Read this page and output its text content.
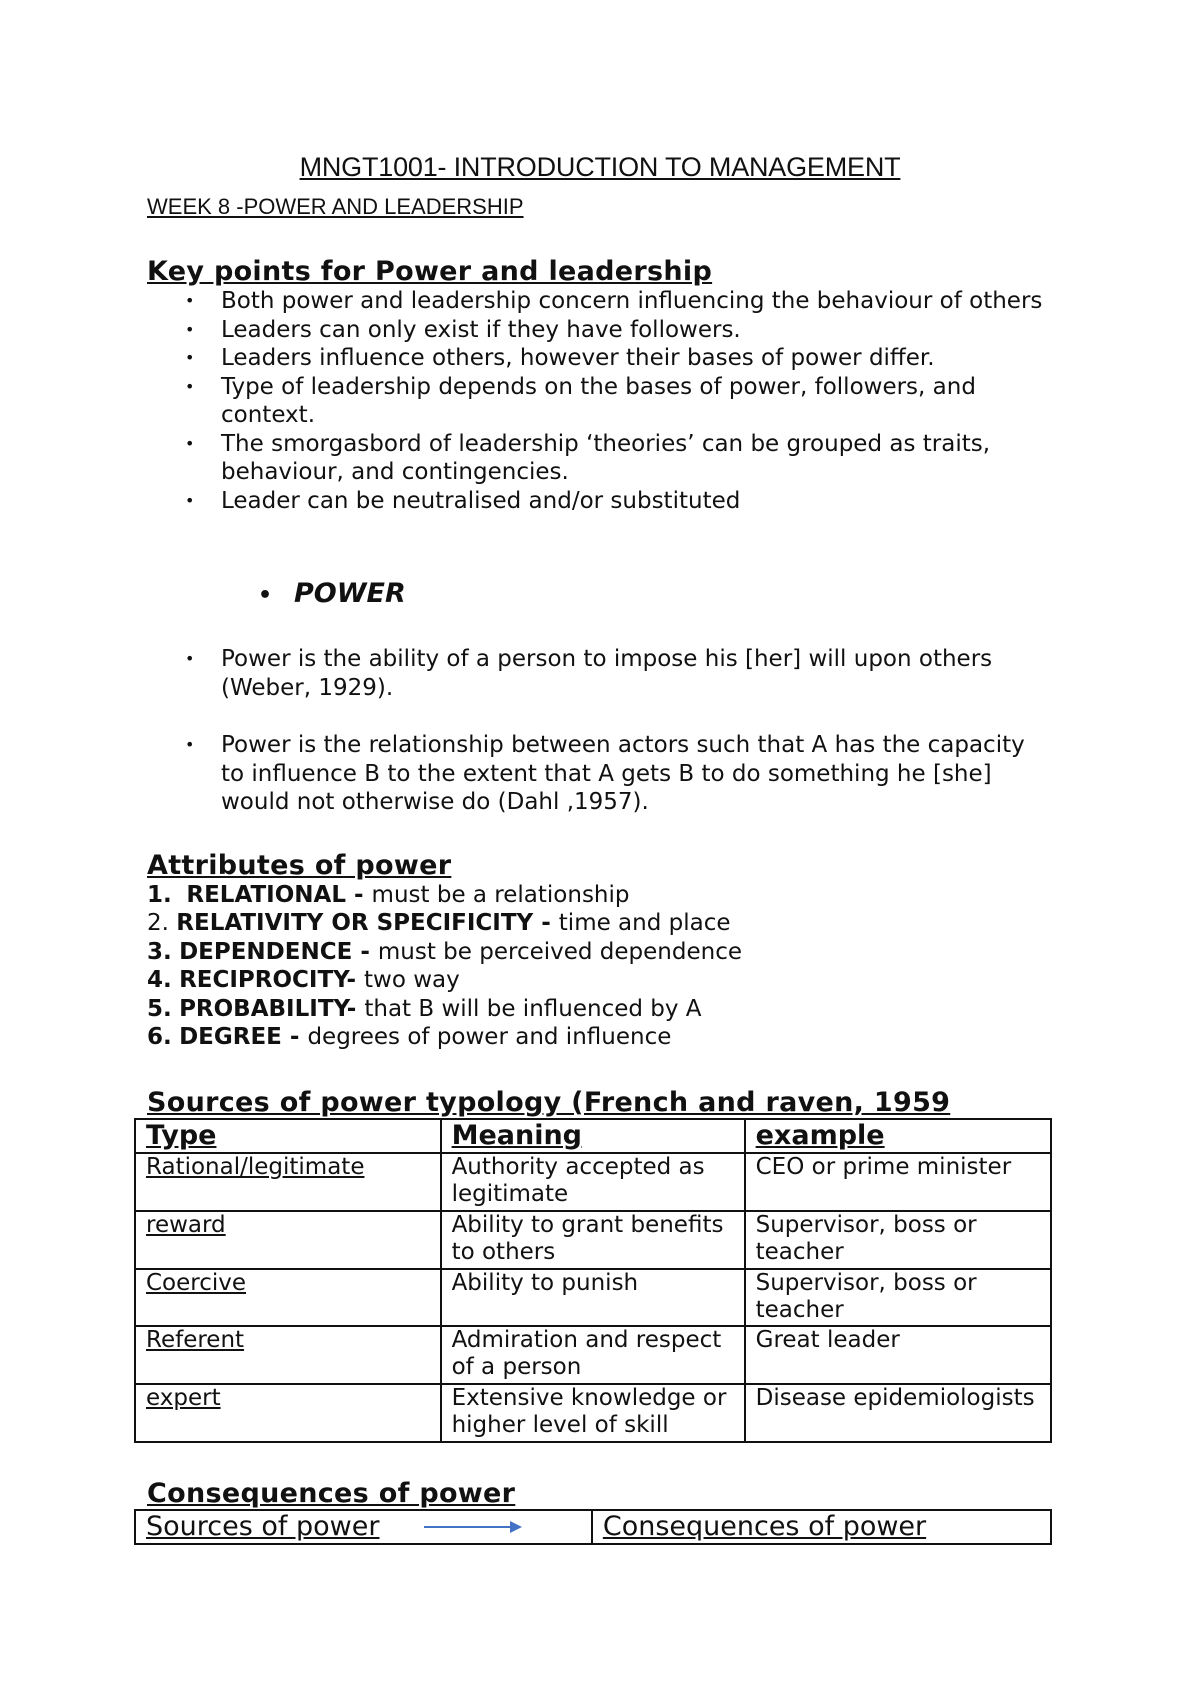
MNGT1001- INTRODUCTION TO MANAGEMENT
WEEK 8 -POWER AND LEADERSHIP
Key points for Power and leadership
• Both power and leadership concern influencing the behaviour of others
• Leaders can only exist if they have followers.
• Leaders influence others, however their bases of power differ.
• Type of leadership depends on the bases of power, followers, and context.
• The smorgasbord of leadership ‘theories’ can be grouped as traits, behaviour, and contingencies.
• Leader can be neutralised and/or substituted
• POWER
• Power is the ability of a person to impose his [her] will upon others (Weber, 1929).
• Power is the relationship between actors such that A has the capacity to influence B to the extent that A gets B to do something he [she] would not otherwise do (Dahl ,1957).
Attributes of power
1. RELATIONAL - must be a relationship
2. RELATIVITY OR SPECIFICITY - time and place
3. DEPENDENCE - must be perceived dependence
4. RECIPROCITY- two way
5. PROBABILITY- that B will be influenced by A
6. DEGREE - degrees of power and influence
Sources of power typology (French and raven, 1959
Type	Meaning	example
Rational/legitimate	Authority accepted as legitimate	CEO or prime minister
reward	Ability to grant benefits to others	Supervisor, boss or teacher
Coercive	Ability to punish	Supervisor, boss or teacher
Referent	Admiration and respect of a person	Great leader
expert	Extensive knowledge or higher level of skill	Disease epidemiologists
Consequences of power
Sources of power	Consequences of power
